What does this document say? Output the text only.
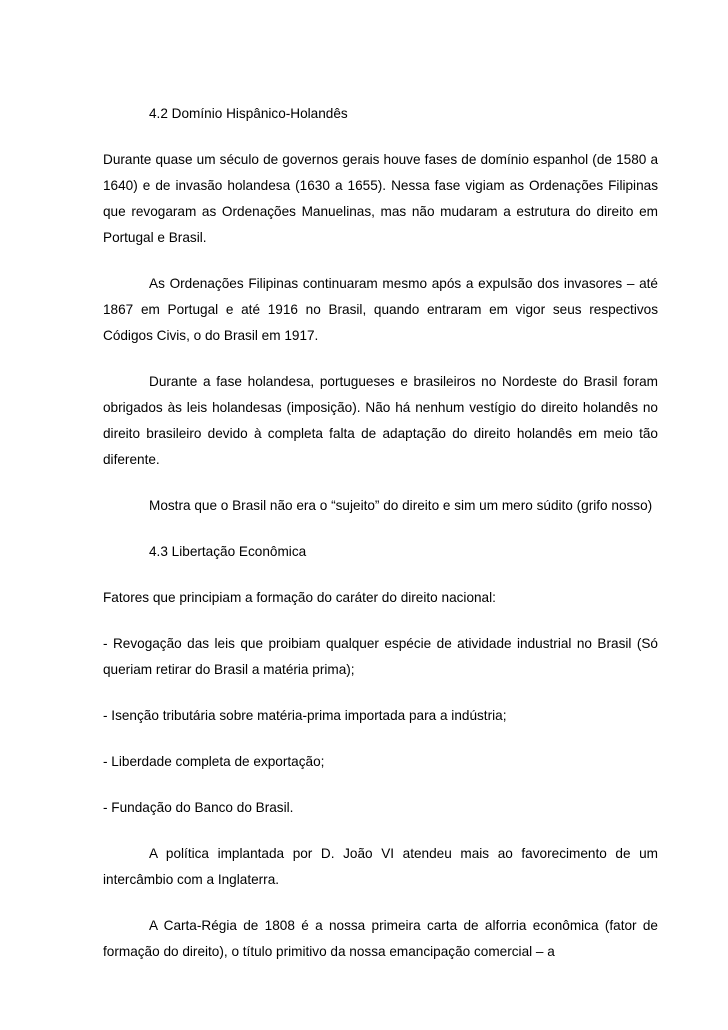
4.2 Domínio Hispânico-Holandês

Durante quase um século de governos gerais houve fases de domínio espanhol (de 1580 a 1640) e de invasão holandesa (1630 a 1655). Nessa fase vigiam as Ordenações Filipinas que revogaram as Ordenações Manuelinas, mas não mudaram a estrutura do direito em Portugal e Brasil.

As Ordenações Filipinas continuaram mesmo após a expulsão dos invasores – até 1867 em Portugal e até 1916 no Brasil, quando entraram em vigor seus respectivos Códigos Civis, o do Brasil em 1917.

Durante a fase holandesa, portugueses e brasileiros no Nordeste do Brasil foram obrigados às leis holandesas (imposição). Não há nenhum vestígio do direito holandês no direito brasileiro devido à completa falta de adaptação do direito holandês em meio tão diferente.

Mostra que o Brasil não era o “sujeito” do direito e sim um mero súdito (grifo nosso)

4.3 Libertação Econômica

Fatores que principiam a formação do caráter do direito nacional:

- Revogação das leis que proibiam qualquer espécie de atividade industrial no Brasil (Só queriam retirar do Brasil a matéria prima);

- Isenção tributária sobre matéria-prima importada para a indústria;

- Liberdade completa de exportação;

- Fundação do Banco do Brasil.

A política implantada por D. João VI atendeu mais ao favorecimento de um intercâmbio com a Inglaterra.

A Carta-Régia de 1808 é a nossa primeira carta de alforria econômica (fator de formação do direito), o título primitivo da nossa emancipação comercial – a
